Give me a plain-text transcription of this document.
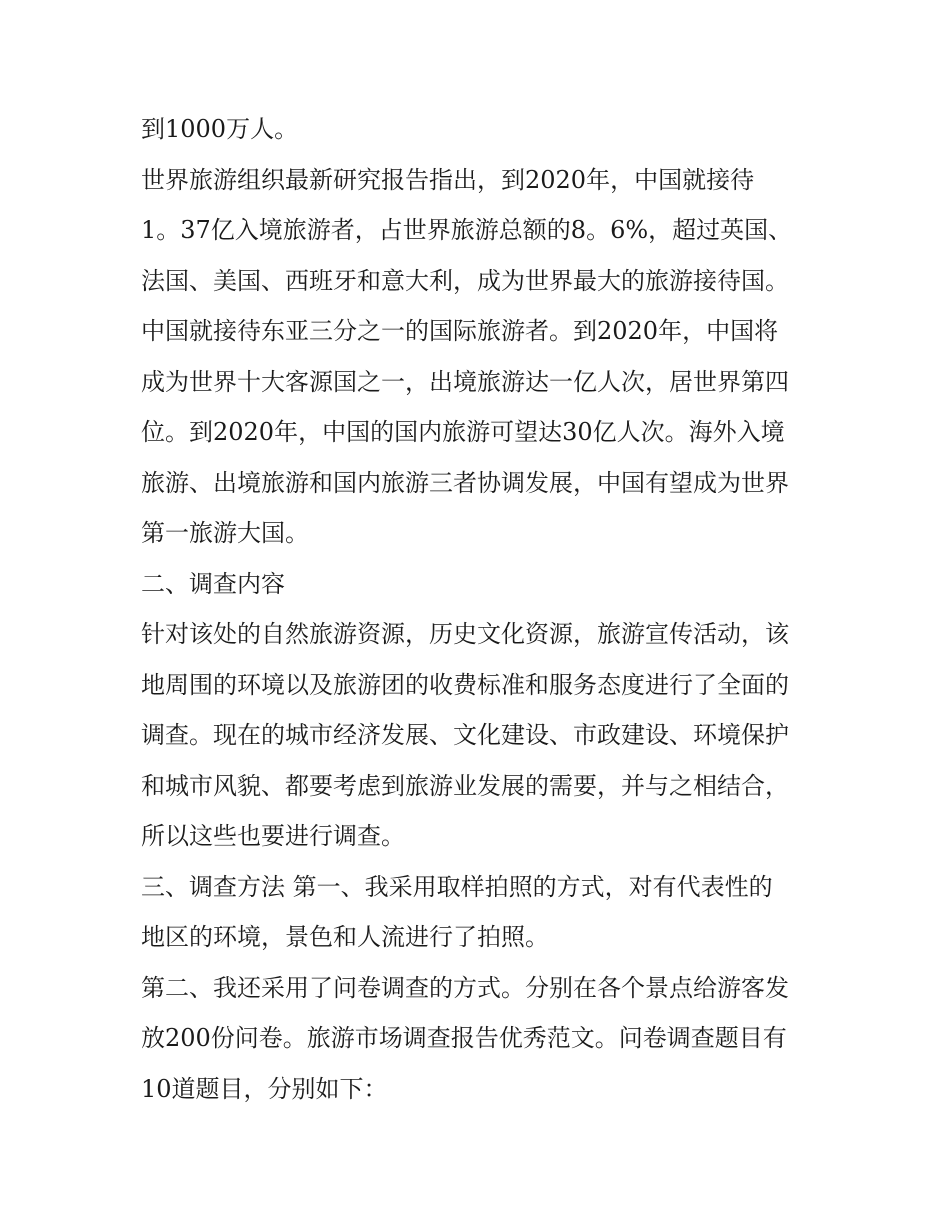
到1000万人。
世界旅游组织最新研究报告指出，到2020年，中国就接待
1。37亿入境旅游者，占世界旅游总额的8。6%，超过英国、
法国、美国、西班牙和意大利，成为世界最大的旅游接待国。
中国就接待东亚三分之一的国际旅游者。到2020年，中国将
成为世界十大客源国之一，出境旅游达一亿人次，居世界第四
位。到2020年，中国的国内旅游可望达30亿人次。海外入境
旅游、出境旅游和国内旅游三者协调发展，中国有望成为世界
第一旅游大国。
二、调查内容
针对该处的自然旅游资源，历史文化资源，旅游宣传活动，该
地周围的环境以及旅游团的收费标准和服务态度进行了全面的
调查。现在的城市经济发展、文化建设、市政建设、环境保护
和城市风貌、都要考虑到旅游业发展的需要，并与之相结合，
所以这些也要进行调查。
三、调查方法 第一、我采用取样拍照的方式，对有代表性的
地区的环境，景色和人流进行了拍照。
第二、我还采用了问卷调查的方式。分别在各个景点给游客发
放200份问卷。旅游市场调查报告优秀范文。问卷调查题目有
10道题目，分别如下：
